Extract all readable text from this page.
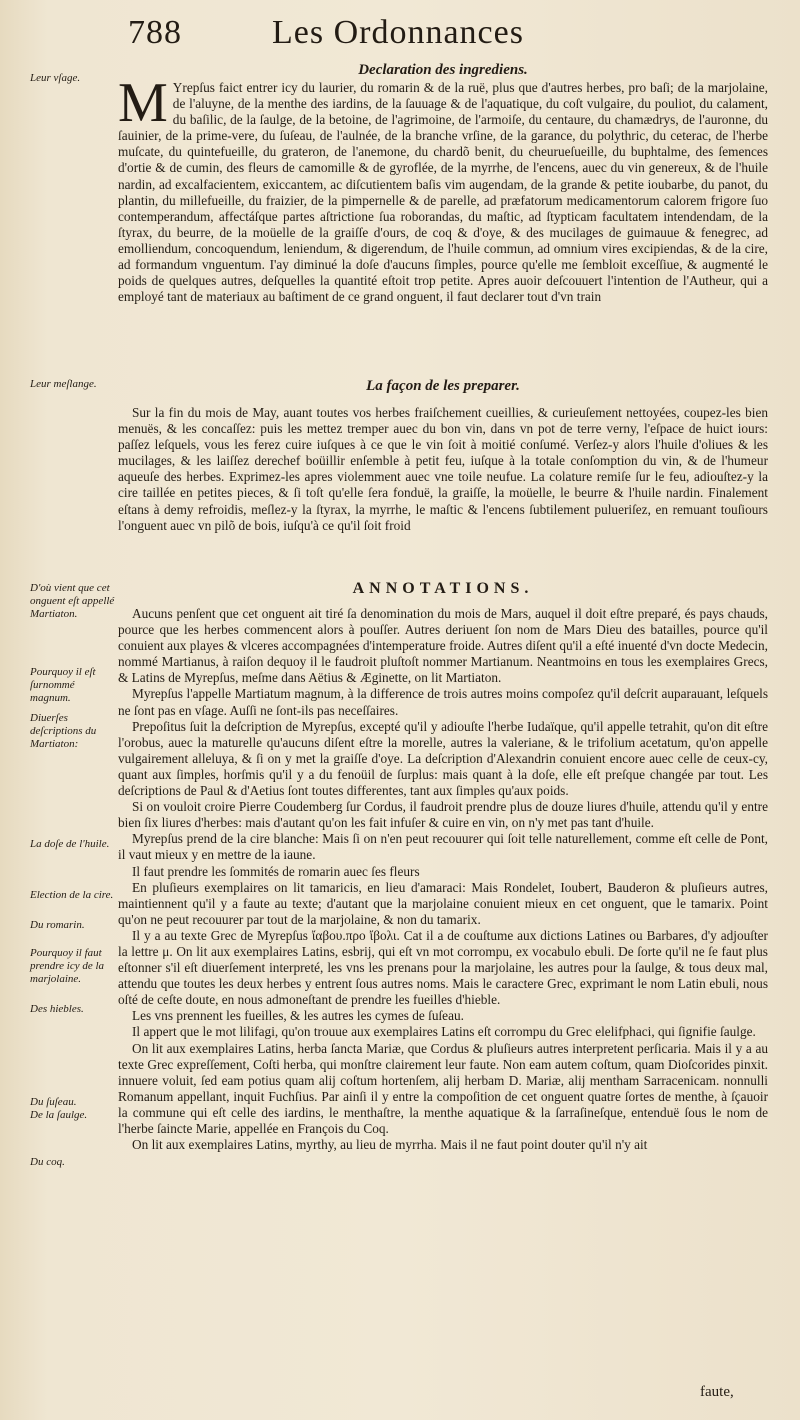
788	Les Ordonnances
Leur vſage.
Leur meſlange.
D'où vient que cet onguent eſt appellé Martiaton.
Pourquoy il eſt ſurnommé magnum.
Diuerſes deſcriptions du Martiaton:
La doſe de l'huile.
Election de la cire.
Du romarin.
Pourquoy il faut prendre icy de la marjolaine.
Des hiebles.
Du ſuſeau.
De la ſaulge.
Du coq.
Declaration des ingrediens.

M Yrepſus faict entrer icy du laurier, du romarin & de la ruë, plus que d'autres herbes, pro baſi; de la marjolaine, de l'aluyne, de la menthe des iardins, de la ſauuage & de l'aquatique, du coſt vulgaire, du pouliot, du calament, du baſilic, de la ſaulge, de la betoine, de l'agrimoine, de l'armoiſe, du centaure, du chamædrys, de l'auronne, du ſauinier, de la prime-vere, du ſuſeau, de l'aulnée, de la branche vrſine, de la garance, du polythric, du ceterac, de l'herbe muſcate, du quintefueille, du grateron, de l'anemone, du chardõ benit, du cheurueſueille, du buphtalme, des ſemences d'ortie & de cumin, des fleurs de camomille & de gyroflée, de la myrrhe, de l'encens, auec du vin genereux, & de l'huile nardin, ad excalfacientem, exiccantem, ac diſcutientem baſis vim augendam, de la grande & petite ioubarbe, du panot, du plantin, du millefueille, du fraizier, de la pimpernelle & de parelle, ad præfatorum medicamentorum calorem frigore ſuo contemperandum, affectáſque partes aſtrictione ſua roborandas, du maſtic, ad ſtypticam facultatem intendendam, de la ſtyrax, du beurre, de la moüelle de la graiſſe d'ours, de coq & d'oye, & des mucilages de guimauue & fenegrec, ad emolliendum, concoquendum, leniendum, & digerendum, de l'huile commun, ad omnium vires excipiendas, & de la cire, ad formandum vnguentum. I'ay diminué la doſe d'aucuns ſimples, pource qu'elle me ſembloit exceſſiue, & augmenté le poids de quelques autres, deſquelles la quantité eſtoit trop petite. Apres auoir deſcouuert l'intention de l'Autheur, qui a employé tant de materiaux au baſtiment de ce grand onguent, il faut declarer tout d'vn train

La façon de les preparer.

Sur la fin du mois de May, auant toutes vos herbes fraiſchement cueillies, & curieuſement nettoyées, coupez-les bien menuës, & les concaſſez: puis les mettez tremper auec du bon vin, dans vn pot de terre verny, l'eſpace de huict iours: paſſez leſquels, vous les ferez cuire iuſques à ce que le vin ſoit à moitié conſumé. Verſez-y alors l'huile d'oliues & les mucilages, & les laiſſez derechef boüillir enſemble à petit feu, iuſque à la totale conſomption du vin, & de l'humeur aqueuſe des herbes. Exprimez-les apres violemment auec vne toile neufue. La colature remiſe ſur le feu, adiouſtez-y la cire taillée en petites pieces, & ſi toſt qu'elle ſera fonduë, la graiſſe, la moüelle, le beurre & l'huile nardin. Finalement eſtans à demy refroidis, meſlez-y la ſtyrax, la myrrhe, le maſtic & l'encens ſubtilement pulueriſez, en remuant touſiours l'onguent auec vn pilõ de bois, iuſqu'à ce qu'il ſoit froid

ANNOTATIONS.

Aucuns penſent que cet onguent ait tiré ſa denomination du mois de Mars, auquel il doit eſtre preparé, és pays chauds, pource que les herbes commencent alors à pouſſer. Autres deriuent ſon nom de Mars Dieu des batailles, pource qu'il conuient aux playes & vlceres accompagnées d'intemperature froide. Autres diſent qu'il a eſté inuenté d'vn docte Medecin, nommé Martianus, à raiſon dequoy il le faudroit pluſtoſt nommer Martianum. Neantmoins en tous les exemplaires Grecs, & Latins de Myrepſus, meſme dans Aëtius & Æginette, on lit Martiaton.

Myrepſus l'appelle Martiatum magnum, à la difference de trois autres moins compoſez qu'il deſcrit auparauant, leſquels ne ſont pas en vſage. Auſſi ne ſont-ils pas neceſſaires.

Prepoſitus ſuit la deſcription de Myrepſus, excepté qu'il y adiouſte l'herbe Iudaïque, qu'il appelle tetrahit, qu'on dit eſtre l'orobus, auec la maturelle qu'aucuns diſent eſtre la morelle, autres la valeriane, & le trifolium acetatum, qu'on appelle vulgairement alleluya, & ſi on y met la graiſſe d'oye. La deſcription d'Alexandrin conuient encore auec celle de ceux-cy, quant aux ſimples, horſmis qu'il y a du fenoüil de ſurplus: mais quant à la doſe, elle eſt preſque changée par tout. Les deſcriptions de Paul & d'Aetius ſont toutes differentes, tant aux ſimples qu'aux poids.

Si on vouloit croire Pierre Coudemberg ſur Cordus, il faudroit prendre plus de douze liures d'huile, attendu qu'il y entre bien ſix liures d'herbes: mais d'autant qu'on les fait infuſer & cuire en vin, on n'y met pas tant d'huile.

Myrepſus prend de la cire blanche: Mais ſi on n'en peut recouurer qui ſoit telle naturellement, comme eſt celle de Pont, il vaut mieux y en mettre de la iaune.

Il faut prendre les ſommités de romarin auec ſes fleurs

En pluſieurs exemplaires on lit tamaricis, en lieu d'amaraci: Mais Rondelet, Ioubert, Bauderon & pluſieurs autres, maintiennent qu'il y a faute au texte; d'autant que la marjolaine conuient mieux en cet onguent, que le tamarix. Point qu'on ne peut recouurer par tout de la marjolaine, & non du tamarix.

Il y a au texte Grec de Myrepſus ἴαβου.πρo ἴβολι. Cat il a de couſtume aux dictions Latines ou Barbares, d'y adjouſter la lettre μ. On lit aux exemplaires Latins, esbrij, qui eſt vn mot corrompu, ex vocabulo ebuli. De ſorte qu'il ne ſe faut plus eſtonner s'il eſt diuerſement interpreté, les vns les prenans pour la marjolaine, les autres pour la ſaulge, & tous deux mal, attendu que toutes les deux herbes y entrent ſous autres noms. Mais le caractere Grec, exprimant le nom Latin ebuli, nous oſté de ceſte doute, en nous admoneſtant de prendre les fueilles d'hieble.

Les vns prennent les fueilles, & les autres les cymes de ſuſeau.

Il appert que le mot lilifagi, qu'on trouue aux exemplaires Latins eſt corrompu du Grec elelifphaci, qui ſignifie ſaulge.

On lit aux exemplaires Latins, herba ſancta Mariæ, que Cordus & pluſieurs autres interpretent perſicaria. Mais il y a au texte Grec expreſſement, Coſti herba, qui monſtre clairement leur faute. Non eam autem coſtum, quam Dioſcorides pinxit. innuere voluit, ſed eam potius quam alij coſtum hortenſem, alij herbam D. Mariæ, alij mentham Sarracenicam. nonnulli Romanum appellant, inquit Fuchſius. Par ainſi il y entre la compoſition de cet onguent quatre ſortes de menthe, à ſçauoir la commune qui eſt celle des iardins, le menthaſtre, la menthe aquatique & la ſarraſineſque, entenduë ſous le nom de l'herbe ſaincte Marie, appellée en François du Coq.

On lit aux exemplaires Latins, myrthy, au lieu de myrrha. Mais il ne faut point douter qu'il n'y ait

faute,
